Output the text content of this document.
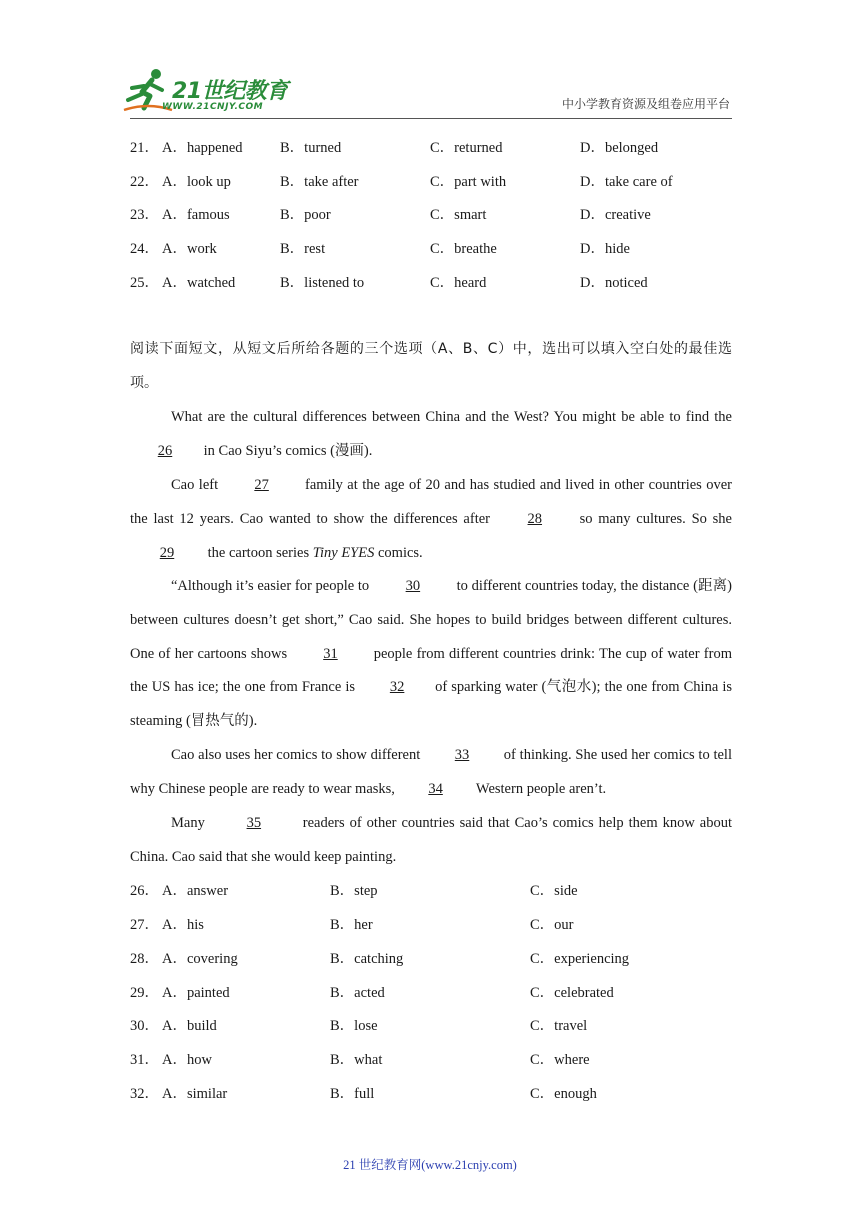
21世纪教育
WWW.21CNJY.COM	中小学教育资源及组卷应用平台
21． A．happened	B．turned	C．returned	D．belonged
22． A．look up	B．take after	C．part with	D．take care of
23． A．famous	B．poor	C．smart	D．creative
24． A．work	B．rest	C．breathe	D．hide
25． A．watched	B．listened to	C．heard	D．noticed
阅读下面短文，从短文后所给各题的三个选项（A、B、C）中，选出可以填入空白处的最佳选项。
What are the cultural differences between China and the West? You might be able to find the 26 in Cao Siyu’s comics (漫画).
Cao left 27 family at the age of 20 and has studied and lived in other countries over the last 12 years. Cao wanted to show the differences after 28 so many cultures. So she 29 the cartoon series Tiny EYES comics.
“Although it’s easier for people to 30 to different countries today, the distance (距离) between cultures doesn’t get short,” Cao said. She hopes to build bridges between different cultures. One of her cartoons shows 31 people from different countries drink: The cup of water from the US has ice; the one from France is 32 of sparking water (气泡水); the one from China is steaming (冒热气的).
Cao also uses her comics to show different 33 of thinking. She used her comics to tell why Chinese people are ready to wear masks, 34 Western people aren’t.
Many	35	readers of other countries said that Cao’s comics help them know about China. Cao said that she would keep painting.
26． A．answer	B．step	C．side
27． A．his	B．her	C．our
28． A．covering	B．catching	C．experiencing
29． A．painted	B．acted	C．celebrated
30． A．build	B．lose	C．travel
31． A．how	B．what	C．where
32． A．similar	B．full	C．enough
21 世纪教育网(www.21cnjy.com)
